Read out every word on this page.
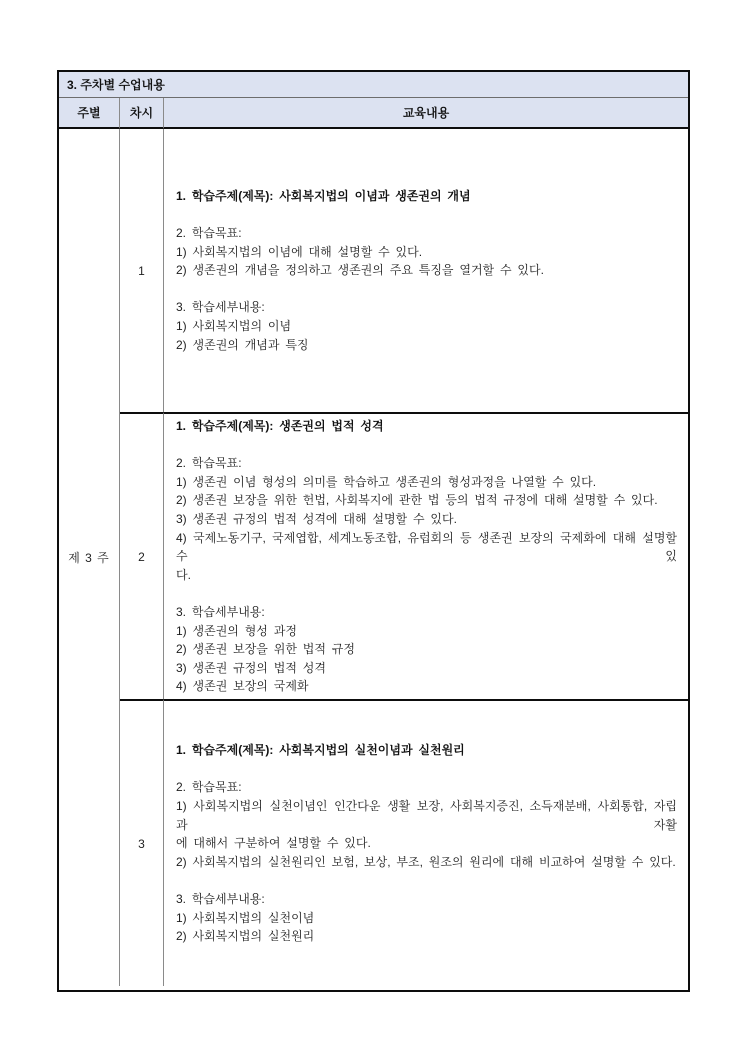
3. 주차별 수업내용
주별	차시	교육내용
제 3 주
1
1. 학습주제(제목): 사회복지법의 이념과 생존권의 개념

2. 학습목표:
1) 사회복지법의 이념에 대해 설명할 수 있다.
2) 생존권의 개념을 정의하고 생존권의 주요 특징을 열거할 수 있다.

3. 학습세부내용:
1) 사회복지법의 이념
2) 생존권의 개념과 특징
2
1. 학습주제(제목): 생존권의 법적 성격

2. 학습목표:
1) 생존권 이념 형성의 의미를 학습하고 생존권의 형성과정을 나열할 수 있다.
2) 생존권 보장을 위한 헌법, 사회복지에 관한 법 등의 법적 규정에 대해 설명할 수 있다.
3) 생존권 규정의 법적 성격에 대해 설명할 수 있다.
4) 국제노동기구, 국제엽합, 세계노동조합, 유럽회의 등 생존권 보장의 국제화에 대해 설명할 수 있
다.

3. 학습세부내용:
1) 생존권의 형성 과정
2) 생존권 보장을 위한 법적 규정
3) 생존권 규정의 법적 성격
4) 생존권 보장의 국제화
3
1. 학습주제(제목): 사회복지법의 실천이념과 실천원리

2. 학습목표:
1) 사회복지법의 실천이념인 인간다운 생활 보장, 사회복지증진, 소득재분배, 사회통합, 자립과 자활
에 대해서 구분하여 설명할 수 있다.
2) 사회복지법의 실천원리인 보험, 보상, 부조, 원조의 원리에 대해 비교하여 설명할 수 있다.

3. 학습세부내용:
1) 사회복지법의 실천이념
2) 사회복지법의 실천원리
